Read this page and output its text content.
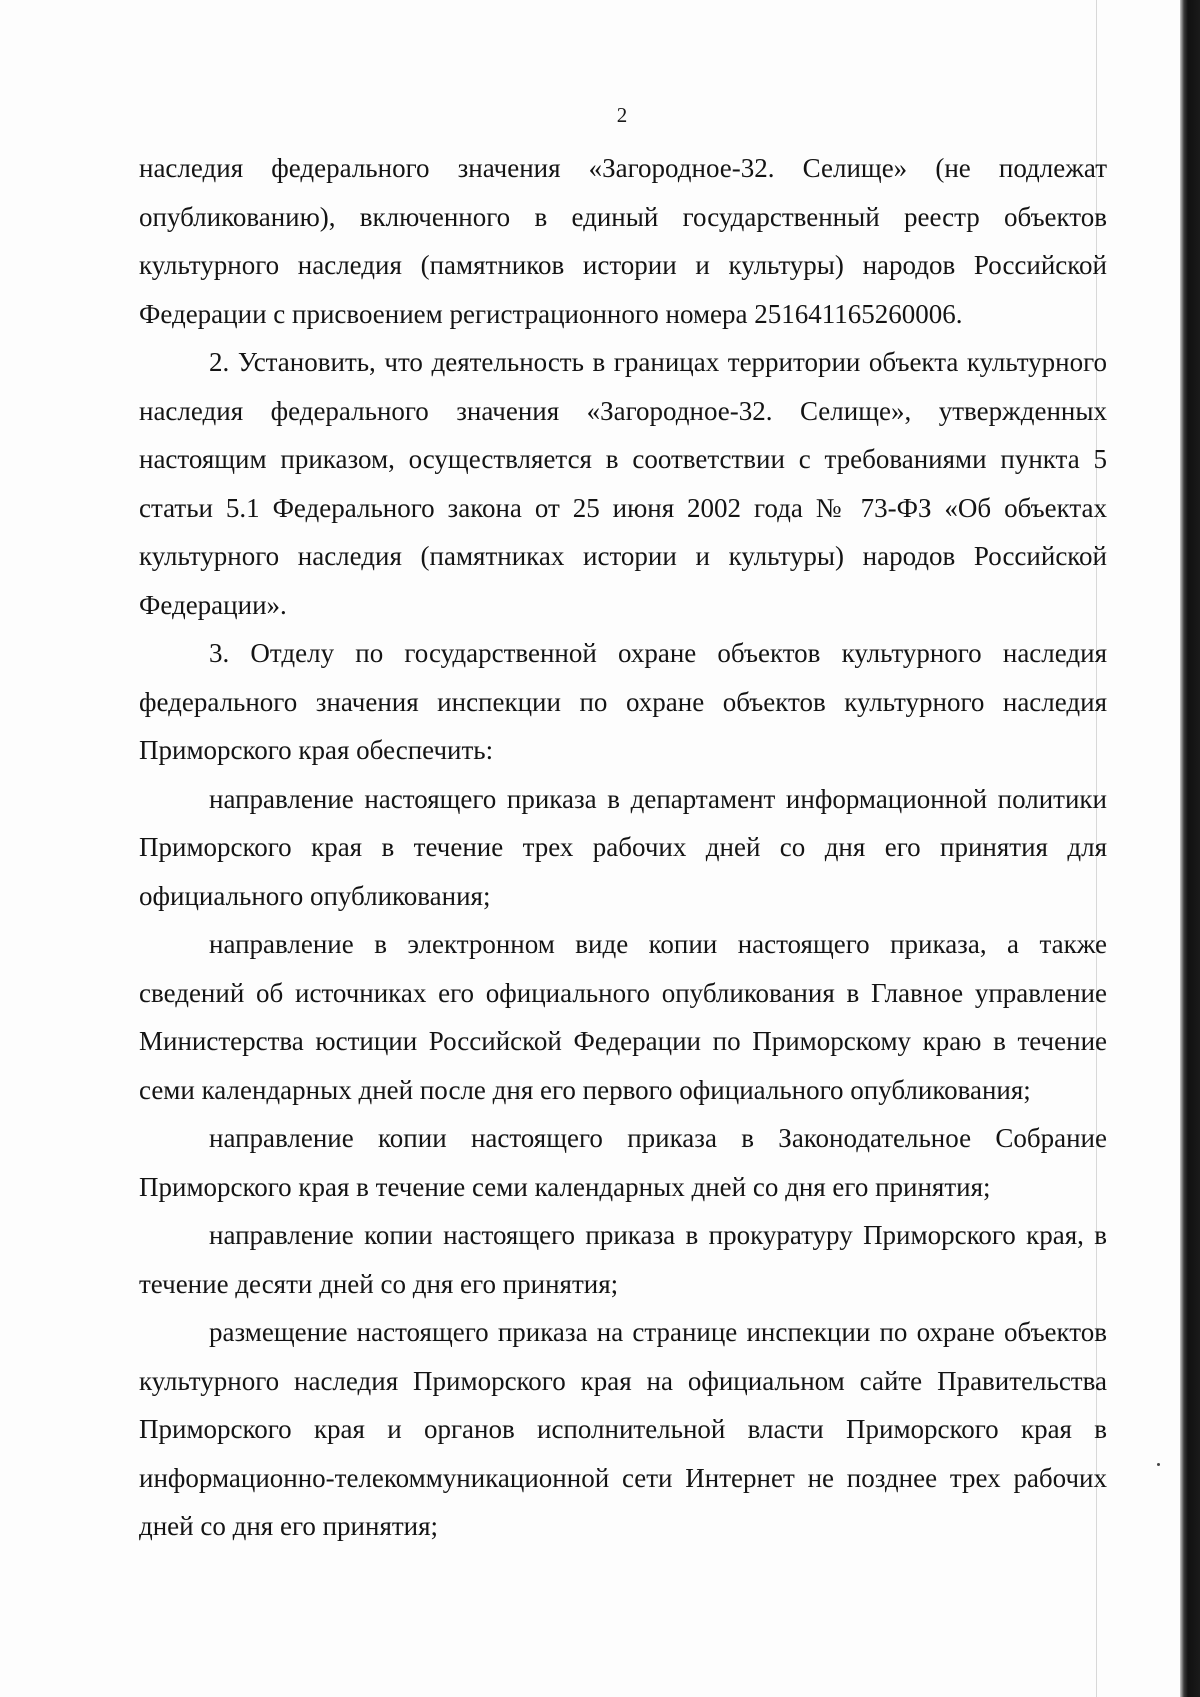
2

наследия федерального значения «Загородное-32. Селище» (не подлежат опубликованию), включенного в единый государственный реестр объектов культурного наследия (памятников истории и культуры) народов Российской Федерации с присвоением регистрационного номера 251641165260006.

2. Установить, что деятельность в границах территории объекта культурного наследия федерального значения «Загородное-32. Селище», утвержденных настоящим приказом, осуществляется в соответствии с требованиями пункта 5 статьи 5.1 Федерального закона от 25 июня 2002 года № 73-ФЗ «Об объектах культурного наследия (памятниках истории и культуры) народов Российской Федерации».

3. Отделу по государственной охране объектов культурного наследия федерального значения инспекции по охране объектов культурного наследия Приморского края обеспечить:

направление настоящего приказа в департамент информационной политики Приморского края в течение трех рабочих дней со дня его принятия для официального опубликования;

направление в электронном виде копии настоящего приказа, а также сведений об источниках его официального опубликования в Главное управление Министерства юстиции Российской Федерации по Приморскому краю в течение семи календарных дней после дня его первого официального опубликования;

направление копии настоящего приказа в Законодательное Собрание Приморского края в течение семи календарных дней со дня его принятия;

направление копии настоящего приказа в прокуратуру Приморского края, в течение десяти дней со дня его принятия;

размещение настоящего приказа на странице инспекции по охране объектов культурного наследия Приморского края на официальном сайте Правительства Приморского края и органов исполнительной власти Приморского края в информационно-телекоммуникационной сети Интернет не позднее трех рабочих дней со дня его принятия;
